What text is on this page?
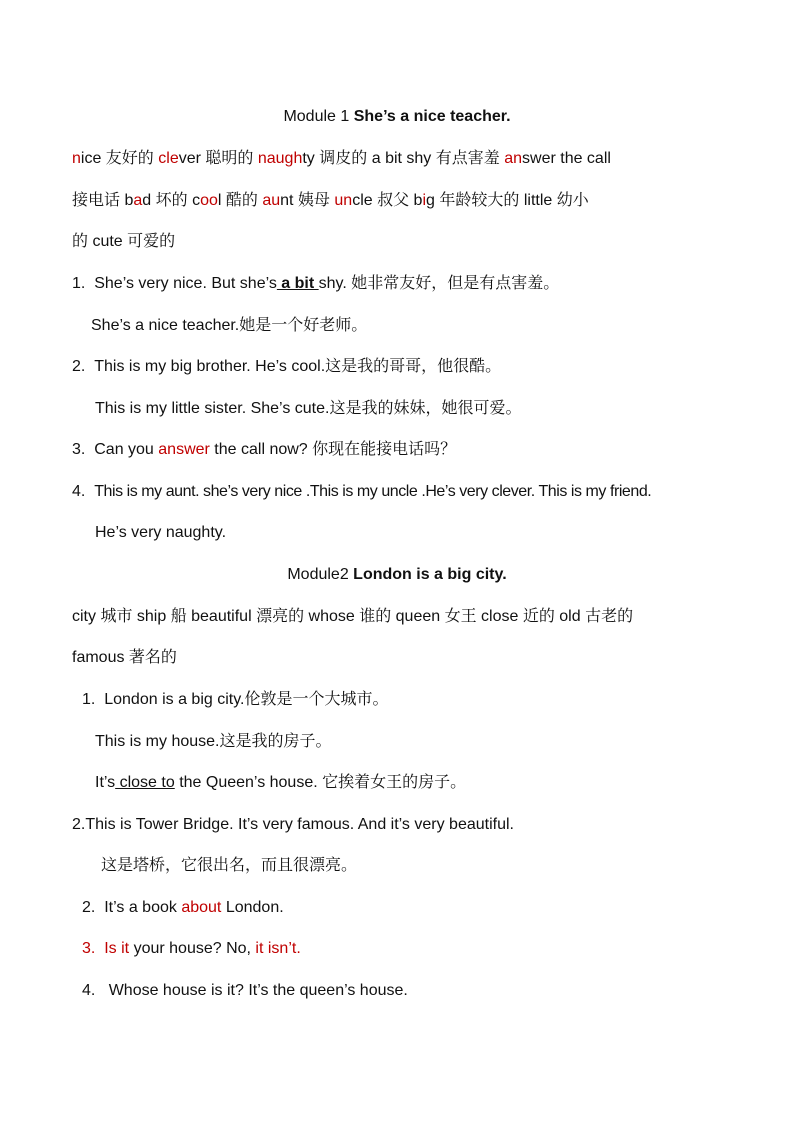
Module 1 She’s a nice teacher.
nice 友好的 clever 聪明的 naughty 调皮的 a bit shy 有点害羞 answer the call
接电话 bad 坏的 cool 酷的 aunt 姨母 uncle 叔父 big 年龄较大的 little 幼小
的 cute 可爱的
1. She’s very nice. But she’s a bit shy. 她非常友好，但是有点害羞。
She’s a nice teacher.她是一个好老师。
2. This is my big brother. He’s cool.这是我的哥哥，他很酷。
This is my little sister. She’s cute.这是我的妹妹，她很可爱。
3. Can you answer the call now? 你现在能接电话吗？
4. This is my aunt. she’s very nice .This is my uncle .He’s very clever. This is my friend.
He’s very naughty.
Module2 London is a big city.
city 城市 ship 船 beautiful 漂亮的 whose 谁的 queen 女王 close 近的 old 古老的
famous 著名的
1. London is a big city.伦敦是一个大城市。
This is my house.这是我的房子。
It’s close to the Queen’s house. 它挨着女王的房子。
2.This is Tower Bridge. It’s very famous. And it’s very beautiful.
这是塔桥，它很出名，而且很漂亮。
2. It’s a book about London.
3. Is it your house? No, it isn’t.
4. Whose house is it? It’s the queen’s house.
